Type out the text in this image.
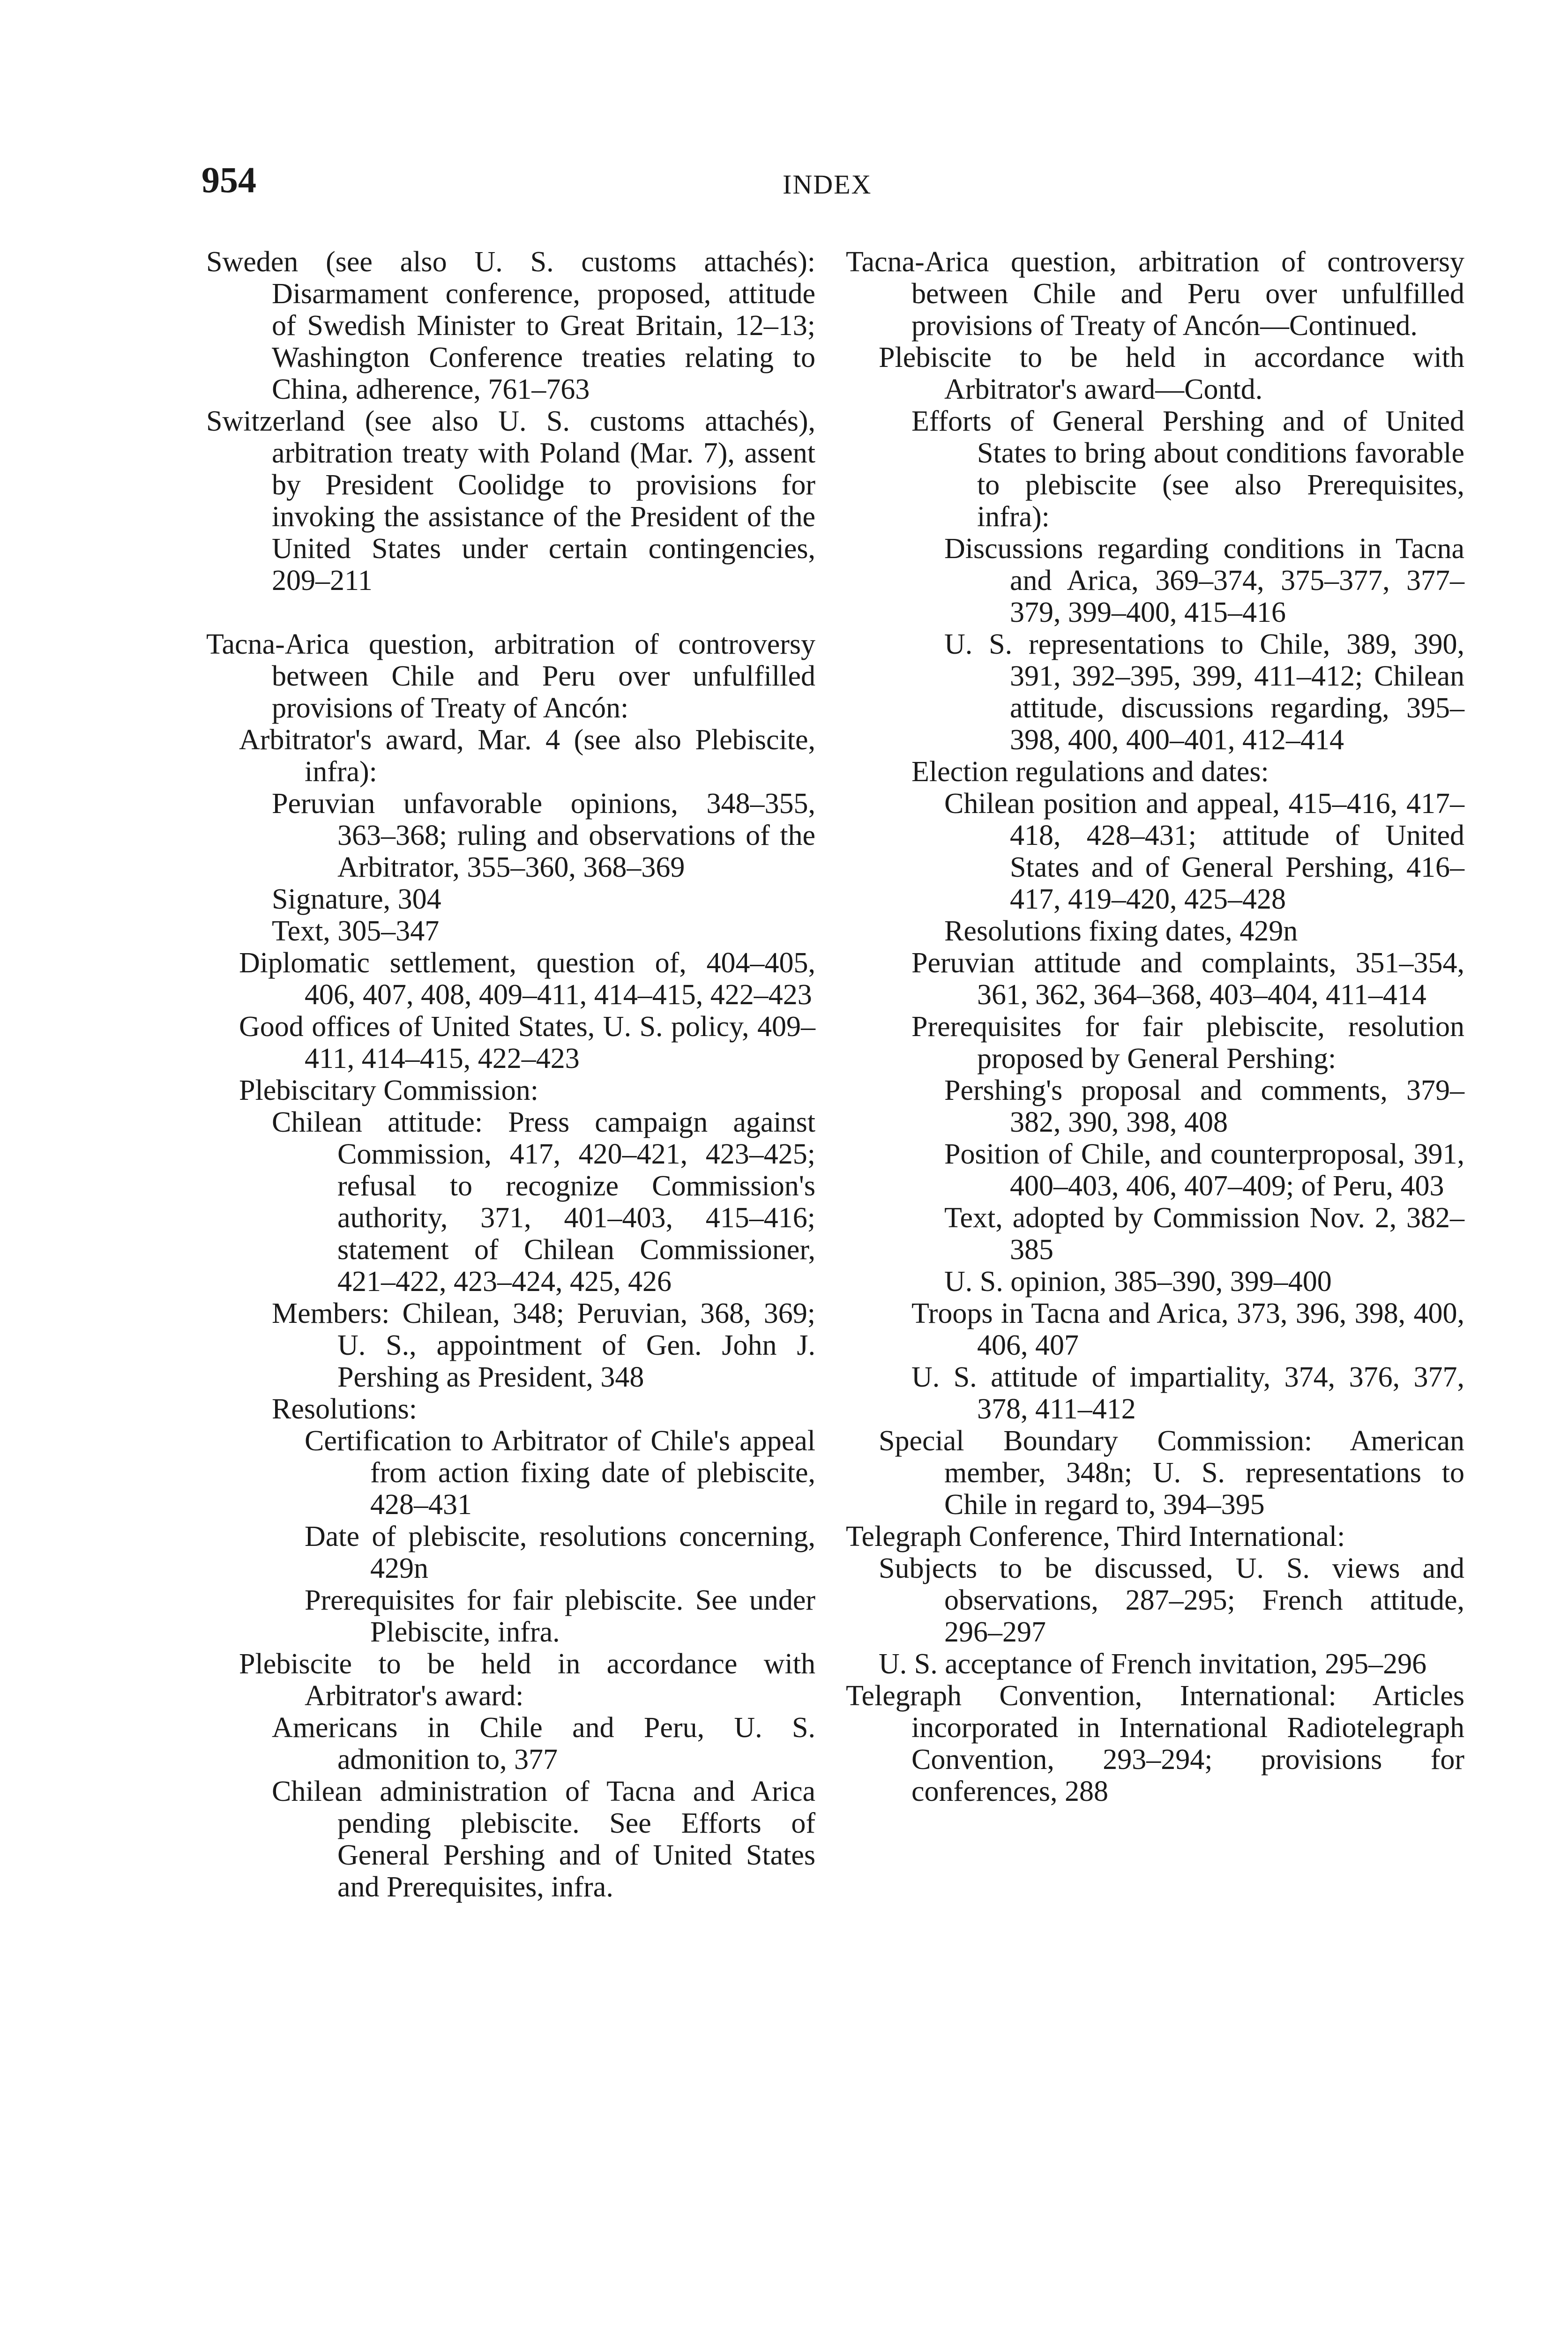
954	INDEX

Sweden (see also U. S. customs attachés): Disarmament conference, proposed, attitude of Swedish Minister to Great Britain, 12–13; Washington Conference treaties relating to China, adherence, 761–763

Switzerland (see also U. S. customs attachés), arbitration treaty with Poland (Mar. 7), assent by President Coolidge to provisions for invoking the assistance of the President of the United States under certain contingencies, 209–211

Tacna-Arica question, arbitration of controversy between Chile and Peru over unfulfilled provisions of Treaty of Ancón:

Arbitrator's award, Mar. 4 (see also Plebiscite, infra):

Peruvian unfavorable opinions, 348–355, 363–368; ruling and observations of the Arbitrator, 355–360, 368–369

Signature, 304

Text, 305–347

Diplomatic settlement, question of, 404–405, 406, 407, 408, 409–411, 414–415, 422–423

Good offices of United States, U. S. policy, 409–411, 414–415, 422–423

Plebiscitary Commission:

Chilean attitude: Press campaign against Commission, 417, 420–421, 423–425; refusal to recognize Commission's authority, 371, 401–403, 415–416; statement of Chilean Commissioner, 421–422, 423–424, 425, 426

Members: Chilean, 348; Peruvian, 368, 369; U. S., appointment of Gen. John J. Pershing as President, 348

Resolutions:

Certification to Arbitrator of Chile's appeal from action fixing date of plebiscite, 428–431

Date of plebiscite, resolutions concerning, 429n

Prerequisites for fair plebiscite. See under Plebiscite, infra.

Plebiscite to be held in accordance with Arbitrator's award:

Americans in Chile and Peru, U. S. admonition to, 377

Chilean administration of Tacna and Arica pending plebiscite. See Efforts of General Pershing and of United States and Prerequisites, infra.

Tacna-Arica question, arbitration of controversy between Chile and Peru over unfulfilled provisions of Treaty of Ancón—Continued.

Plebiscite to be held in accordance with Arbitrator's award—Contd.

Efforts of General Pershing and of United States to bring about conditions favorable to plebiscite (see also Prerequisites, infra):

Discussions regarding conditions in Tacna and Arica, 369–374, 375–377, 377–379, 399–400, 415–416

U. S. representations to Chile, 389, 390, 391, 392–395, 399, 411–412; Chilean attitude, discussions regarding, 395–398, 400, 400–401, 412–414

Election regulations and dates:

Chilean position and appeal, 415–416, 417–418, 428–431; attitude of United States and of General Pershing, 416–417, 419–420, 425–428

Resolutions fixing dates, 429n

Peruvian attitude and complaints, 351–354, 361, 362, 364–368, 403–404, 411–414

Prerequisites for fair plebiscite, resolution proposed by General Pershing:

Pershing's proposal and comments, 379–382, 390, 398, 408

Position of Chile, and counterproposal, 391, 400–403, 406, 407–409; of Peru, 403

Text, adopted by Commission Nov. 2, 382–385

U. S. opinion, 385–390, 399–400

Troops in Tacna and Arica, 373, 396, 398, 400, 406, 407

U. S. attitude of impartiality, 374, 376, 377, 378, 411–412

Special Boundary Commission: American member, 348n; U. S. representations to Chile in regard to, 394–395

Telegraph Conference, Third International:

Subjects to be discussed, U. S. views and observations, 287–295; French attitude, 296–297

U. S. acceptance of French invitation, 295–296

Telegraph Convention, International: Articles incorporated in International Radiotelegraph Convention, 293–294; provisions for conferences, 288
